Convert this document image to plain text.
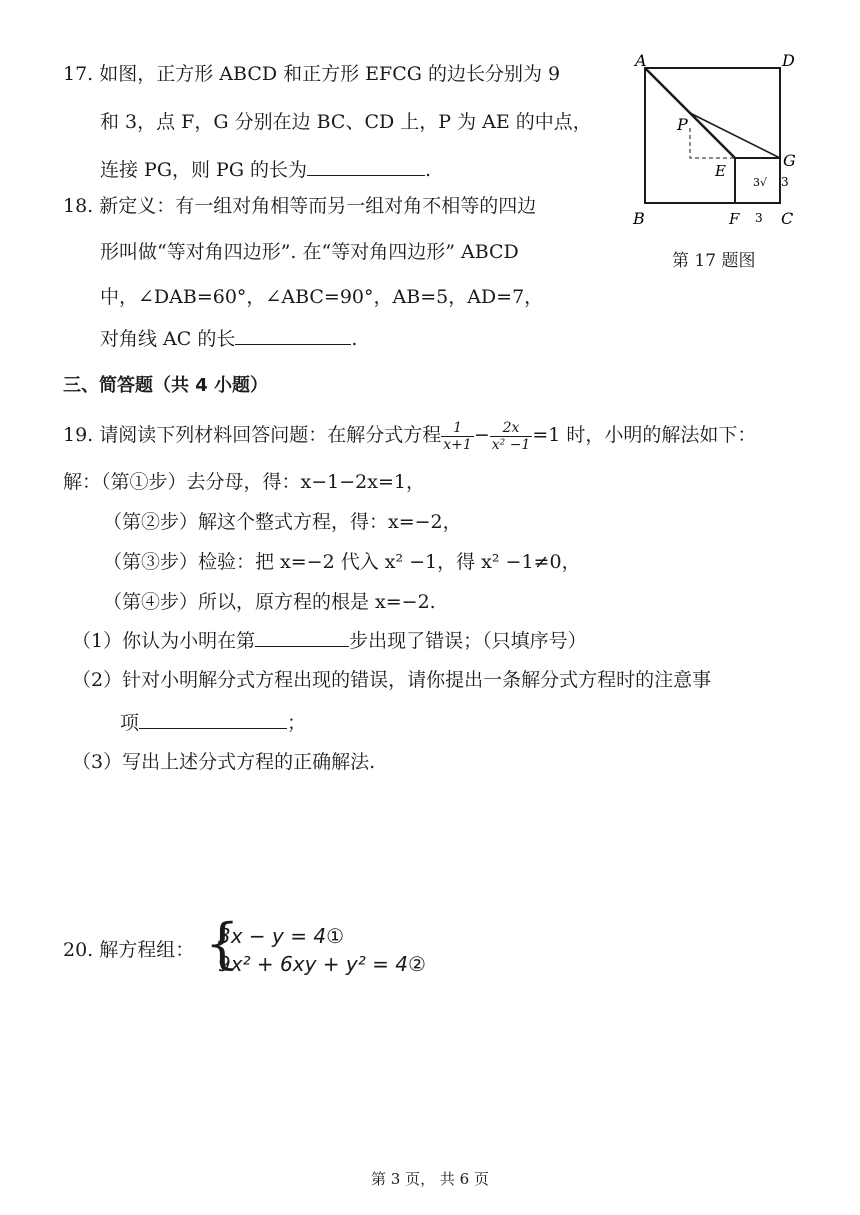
17. 如图，正方形 ABCD 和正方形 EFCG 的边长分别为 9
和 3，点 F，G 分别在边 BC、CD 上，P 为 AE 的中点，
连接 PG，则 PG 的长为	.
A	D
B	C
E
F
G
P
3
3
3√
第 17 题图
18. 新定义：有一组对角相等而另一组对角不相等的四边
形叫做“等对角四边形”. 在“等对角四边形” ABCD
中，∠DAB=60°，∠ABC=90°，AB=5，AD=7，
对角线 AC 的长	.
三、简答题（共 4 小题）
19. 请阅读下列材料回答问题：在解分式方程 $\frac{1}{x+1} - \frac{2x}{\text{x² −1}} =1$ 时，小明的解法如下：
解：（第①步）去分母，得：x−1−2x=1，
（第②步）解这个整式方程，得：x=−2，
（第③步）检验：把 x=−2 代入 x² −1，得 x² −1≠0，
（第④步）所以，原方程的根是 x=−2.
（1）你认为小明在第	步出现了错误；（只填序号）
（2）针对小明解分式方程出现的错误，请你提出一条解分式方程时的注意事
项	；
（3）写出上述分式方程的正确解法.
20. 解方程组： {
3x − y = 4①
9x² + 6xy + y² = 4②
第 3 页， 共 6 页
